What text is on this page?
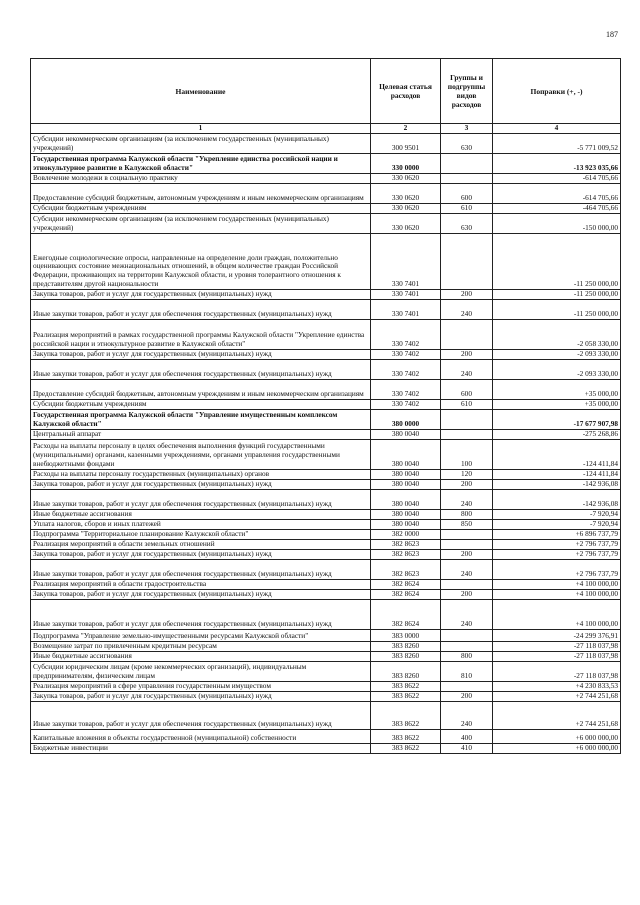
187
Наименование	Целевая статья расходов	Группы и подгруппы видов расходов	Поправки (+, -)
1	2	3	4
Субсидии некоммерческим организациям (за исключением государственных (муниципальных) учреждений)	300 9501	630	-5 771 009,52
Государственная программа Калужской области "Укрепление единства российской нации и этнокультурное развитие в Калужской области"	330 0000		-13 923 035,66
Вовлечение молодежи в социальную практику	330 0620		-614 705,66
Предоставление субсидий бюджетным, автономным учреждениям и иным некоммерческим организациям	330 0620	600	-614 705,66
Субсидии бюджетным учреждениям	330 0620	610	-464 705,66
Субсидии некоммерческим организациям (за исключением государственных (муниципальных) учреждений)	330 0620	630	-150 000,00
Ежегодные социологические опросы, направленные на определение доли граждан, положительно оценивающих состояние межнациональных отношений, в общем количестве граждан Российской Федерации, проживающих на территории Калужской области, и уровня толерантного отношения к представителям другой национальности	330 7401		-11 250 000,00
Закупка товаров, работ и услуг для государственных (муниципальных) нужд	330 7401	200	-11 250 000,00
Иные закупки товаров, работ и услуг для обеспечения государственных (муниципальных) нужд	330 7401	240	-11 250 000,00
Реализация мероприятий в рамках государственной программы Калужской области "Укрепление единства российской нации и этнокультурное развитие в Калужской области"	330 7402		-2 058 330,00
Закупка товаров, работ и услуг для государственных (муниципальных) нужд	330 7402	200	-2 093 330,00
Иные закупки товаров, работ и услуг для обеспечения государственных (муниципальных) нужд	330 7402	240	-2 093 330,00
Предоставление субсидий бюджетным, автономным учреждениям и иным некоммерческим организациям	330 7402	600	+35 000,00
Субсидии бюджетным учреждениям	330 7402	610	+35 000,00
Государственная программа Калужской области "Управление имущественным комплексом Калужской области"	380 0000		-17 677 907,98
Центральный аппарат	380 0040		-275 268,86
Расходы на выплаты персоналу в целях обеспечения выполнения функций государственными (муниципальными) органами, казенными учреждениями, органами управления государственными внебюджетными фондами	380 0040	100	-124 411,84
Расходы на выплаты персоналу государственных (муниципальных) органов	380 0040	120	-124 411,84
Закупка товаров, работ и услуг для государственных (муниципальных) нужд	380 0040	200	-142 936,08
Иные закупки товаров, работ и услуг для обеспечения государственных (муниципальных) нужд	380 0040	240	-142 936,08
Иные бюджетные ассигнования	380 0040	800	-7 920,94
Уплата налогов, сборов и иных платежей	380 0040	850	-7 920,94
Подпрограмма "Территориальное планирование Калужской области"	382 0000		+6 896 737,79
Реализация мероприятий в области земельных отношений	382 8623		+2 796 737,79
Закупка товаров, работ и услуг для государственных (муниципальных) нужд	382 8623	200	+2 796 737,79
Иные закупки товаров, работ и услуг для обеспечения государственных (муниципальных) нужд	382 8623	240	+2 796 737,79
Реализация мероприятий в области градостроительства	382 8624		+4 100 000,00
Закупка товаров, работ и услуг для государственных (муниципальных) нужд	382 8624	200	+4 100 000,00
Иные закупки товаров, работ и услуг для обеспечения государственных (муниципальных) нужд	382 8624	240	+4 100 000,00
Подпрограмма "Управление земельно-имущественными ресурсами Калужской области"	383 0000		-24 299 376,91
Возмещение затрат по привлеченным кредитным ресурсам	383 8260		-27 118 037,98
Иные бюджетные ассигнования	383 8260	800	-27 118 037,98
Субсидии юридическим лицам (кроме некоммерческих организаций), индивидуальным предпринимателям, физическим лицам	383 8260	810	-27 118 037,98
Реализация мероприятий в сфере управления государственным имуществом	383 8622		+4 230 833,53
Закупка товаров, работ и услуг для государственных (муниципальных) нужд	383 8622	200	+2 744 251,68
Иные закупки товаров, работ и услуг для обеспечения государственных (муниципальных) нужд	383 8622	240	+2 744 251,68
Капитальные вложения в объекты государственной (муниципальной) собственности	383 8622	400	+6 000 000,00
Бюджетные инвестиции	383 8622	410	+6 000 000,00
